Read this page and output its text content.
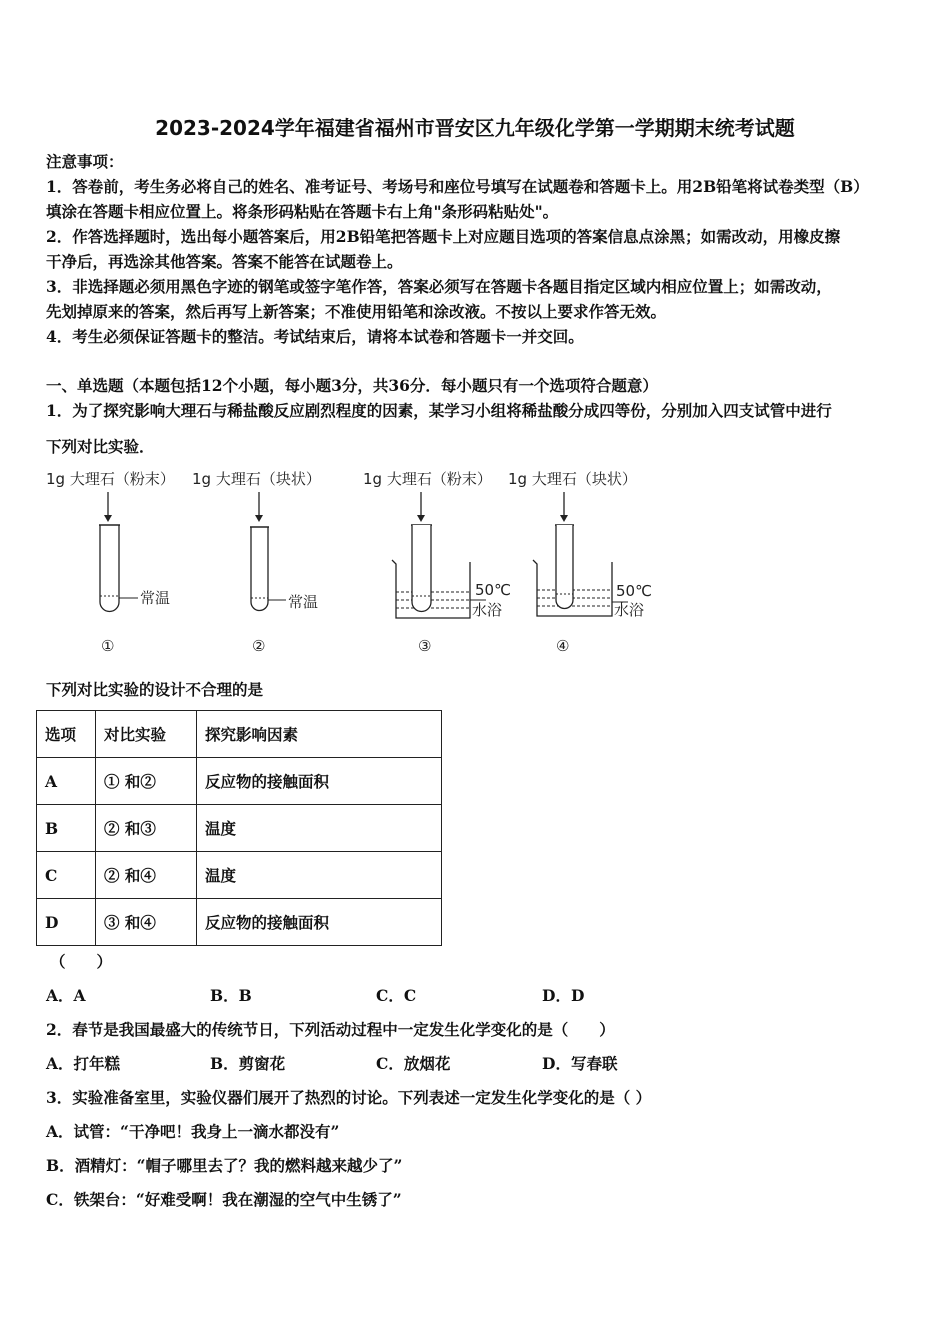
2023-2024学年福建省福州市晋安区九年级化学第一学期期末统考试题
注意事项：
1．答卷前，考生务必将自己的姓名、准考证号、考场号和座位号填写在试题卷和答题卡上。用2B铅笔将试卷类型（B）
填涂在答题卡相应位置上。将条形码粘贴在答题卡右上角"条形码粘贴处"。
2．作答选择题时，选出每小题答案后，用2B铅笔把答题卡上对应题目选项的答案信息点涂黑；如需改动，用橡皮擦
干净后，再选涂其他答案。答案不能答在试题卷上。
3．非选择题必须用黑色字迹的钢笔或签字笔作答，答案必须写在答题卡各题目指定区域内相应位置上；如需改动，
先划掉原来的答案，然后再写上新答案；不准使用铅笔和涂改液。不按以上要求作答无效。
4．考生必须保证答题卡的整洁。考试结束后，请将本试卷和答题卡一并交回。
一、单选题（本题包括12个小题，每小题3分，共36分．每小题只有一个选项符合题意）
1．为了探究影响大理石与稀盐酸反应剧烈程度的因素，某学习小组将稀盐酸分成四等份，分别加入四支试管中进行
下列对比实验．
1g 大理石（粉末） 1g 大理石（块状）	1g 大理石（粉末） 1g 大理石（块状）
常温
①
常温
②
50℃
水浴
③
50℃
水浴
④
下列对比实验的设计不合理的是
选项	对比实验	探究影响因素
A	① 和②	反应物的接触面积
B	② 和③	温度
C	② 和④	温度
D	③ 和④	反应物的接触面积
（　　）
A．A	B．B	C．C	D．D
2．春节是我国最盛大的传统节日，下列活动过程中一定发生化学变化的是（　　）
A．打年糕	B．剪窗花	C．放烟花	D．写春联
3．实验准备室里，实验仪器们展开了热烈的讨论。下列表述一定发生化学变化的是（ ）
A．试管：“干净吧！我身上一滴水都没有”
B．酒精灯：“帽子哪里去了？我的燃料越来越少了”
C．铁架台：“好难受啊！我在潮湿的空气中生锈了”
